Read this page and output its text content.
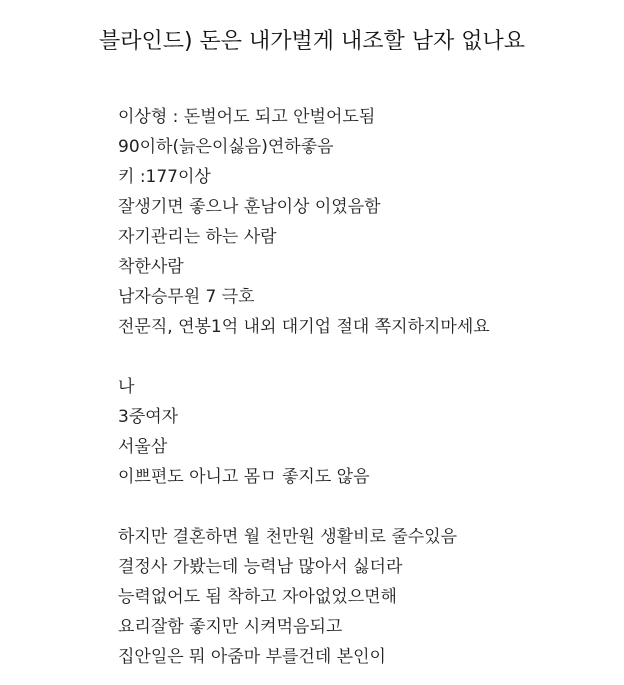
블라인드) 돈은 내가벌게 내조할 남자 없나요
이상형 : 돈벌어도 되고 안벌어도됨
90이하(늙은이싫음)연하좋음
키 :177이상
잘생기면 좋으나 훈남이상 이였음함
자기관리는 하는 사람
착한사람
남자승무원 7 극호
전문직, 연봉1억 내외 대기업 절대 쪽지하지마세요
나
3중여자
서울삼
이쁘편도 아니고 몸ㅁ 좋지도 않음
하지만 결혼하면 월 천만원 생활비로 줄수있음
결정사 가봤는데 능력남 많아서 싫더라
능력없어도 됨 착하고 자아없었으면해
요리잘함 좋지만 시켜먹음되고
집안일은 뭐 아줌마 부를건데 본인이
